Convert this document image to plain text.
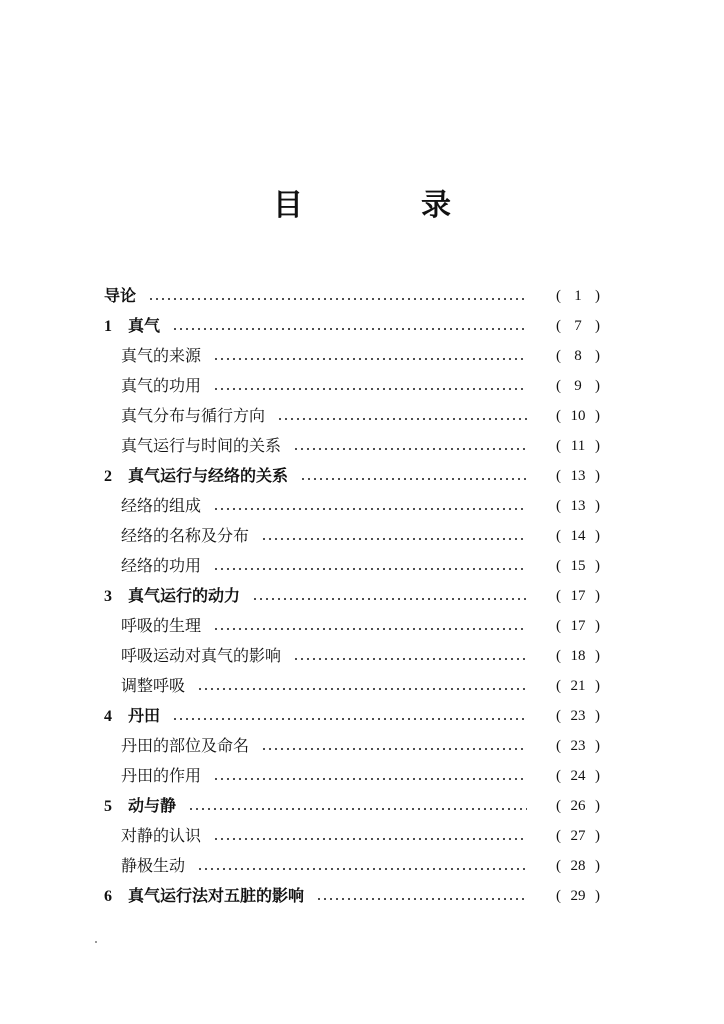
目　录
导论	( 1 )
1	真气	( 7 )
真气的来源	( 8 )
真气的功用	( 9 )
真气分布与循行方向	( 10 )
真气运行与时间的关系	( 11 )
2	真气运行与经络的关系	( 13 )
经络的组成	( 13 )
经络的名称及分布	( 14 )
经络的功用	( 15 )
3	真气运行的动力	( 17 )
呼吸的生理	( 17 )
呼吸运动对真气的影响	( 18 )
调整呼吸	( 21 )
4	丹田	( 23 )
丹田的部位及命名	( 23 )
丹田的作用	( 24 )
5	动与静	( 26 )
对静的认识	( 27 )
静极生动	( 28 )
6	真气运行法对五脏的影响	( 29 )
